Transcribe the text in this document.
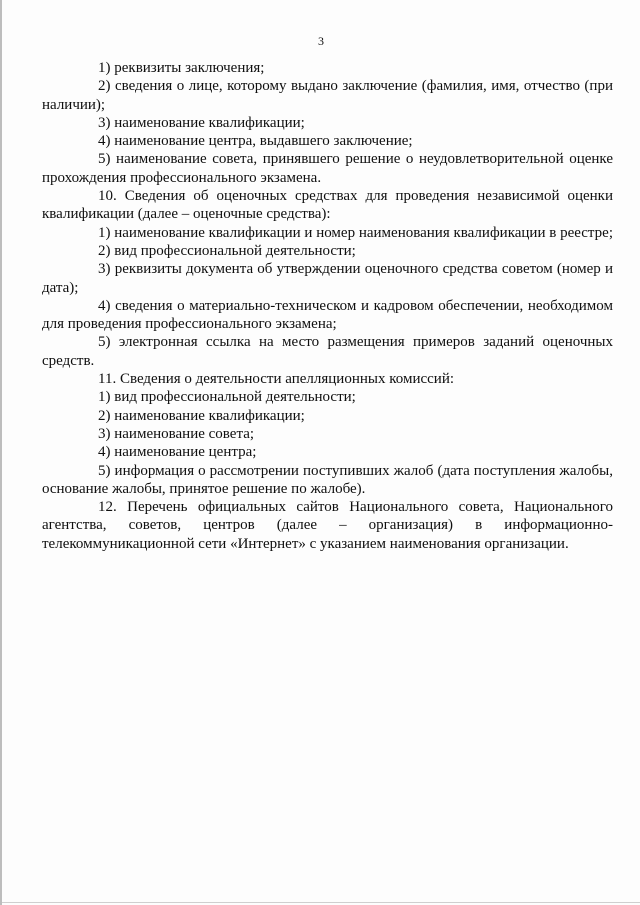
3

1) реквизиты заключения;

2) сведения о лице, которому выдано заключение (фамилия, имя, отчество (при наличии);

3) наименование квалификации;

4) наименование центра, выдавшего заключение;

5) наименование совета, принявшего решение о неудовлетворительной оценке прохождения профессионального экзамена.

10. Сведения об оценочных средствах для проведения независимой оценки квалификации (далее – оценочные средства):

1) наименование квалификации и номер наименования квалификации в реестре;

2) вид профессиональной деятельности;

3) реквизиты документа об утверждении оценочного средства советом (номер и дата);

4) сведения о материально-техническом и кадровом обеспечении, необходимом для проведения профессионального экзамена;

5) электронная ссылка на место размещения примеров заданий оценочных средств.

11. Сведения о деятельности апелляционных комиссий:

1) вид профессиональной деятельности;

2) наименование квалификации;

3) наименование совета;

4) наименование центра;

5) информация о рассмотрении поступивших жалоб (дата поступления жалобы, основание жалобы, принятое решение по жалобе).

12. Перечень официальных сайтов Национального совета, Национального агентства, советов, центров (далее – организация) в информационно-телекоммуникационной сети «Интернет» с указанием наименования организации.
